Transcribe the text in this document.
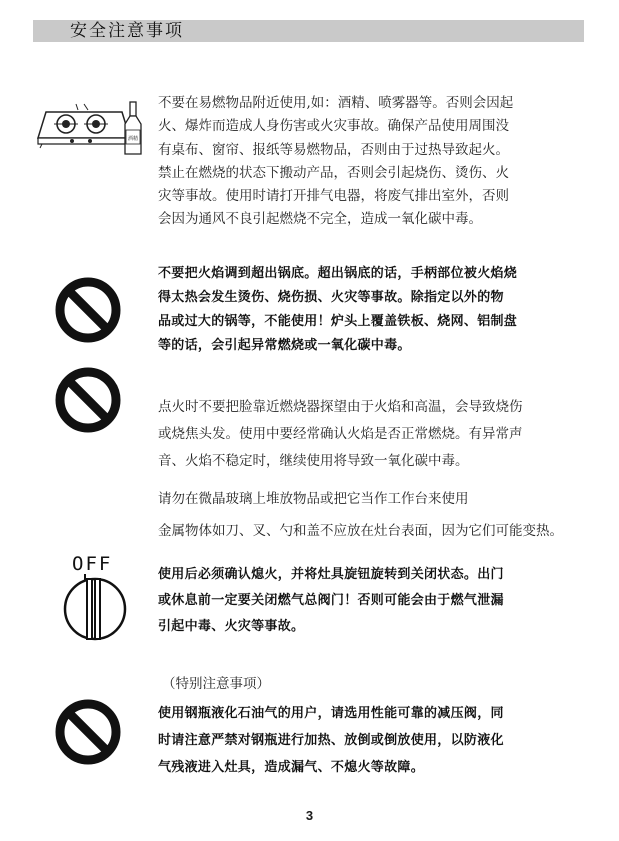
安全注意事项
酒精
不要在易燃物品附近使用,如：酒精、喷雾器等。否则会因起
火、爆炸而造成人身伤害或火灾事故。确保产品使用周围没
有桌布、窗帘、报纸等易燃物品，否则由于过热导致起火。
禁止在燃烧的状态下搬动产品，否则会引起烧伤、烫伤、火
灾等事故。使用时请打开排气电器，将废气排出室外，否则
会因为通风不良引起燃烧不完全，造成一氧化碳中毒。
不要把火焰调到超出锅底。超出锅底的话，手柄部位被火焰烧
得太热会发生烫伤、烧伤损、火灾等事故。除指定以外的物
品或过大的锅等，不能使用！炉头上覆盖铁板、烧网、铝制盘
等的话，会引起异常燃烧或一氧化碳中毒。
点火时不要把脸靠近燃烧器探望由于火焰和高温，会导致烧伤
或烧焦头发。使用中要经常确认火焰是否正常燃烧。有异常声
音、火焰不稳定时，继续使用将导致一氧化碳中毒。
请勿在微晶玻璃上堆放物品或把它当作工作台来使用
金属物体如刀、叉、勺和盖不应放在灶台表面，因为它们可能变热。
OFF	使用后必须确认熄火，并将灶具旋钮旋转到关闭状态。出门
或休息前一定要关闭燃气总阀门！否则可能会由于燃气泄漏
引起中毒、火灾等事故。
（特别注意事项）
使用钢瓶液化石油气的用户，请选用性能可靠的减压阀，同
时请注意严禁对钢瓶进行加热、放倒或倒放使用，以防液化
气残液进入灶具，造成漏气、不熄火等故障。
3
